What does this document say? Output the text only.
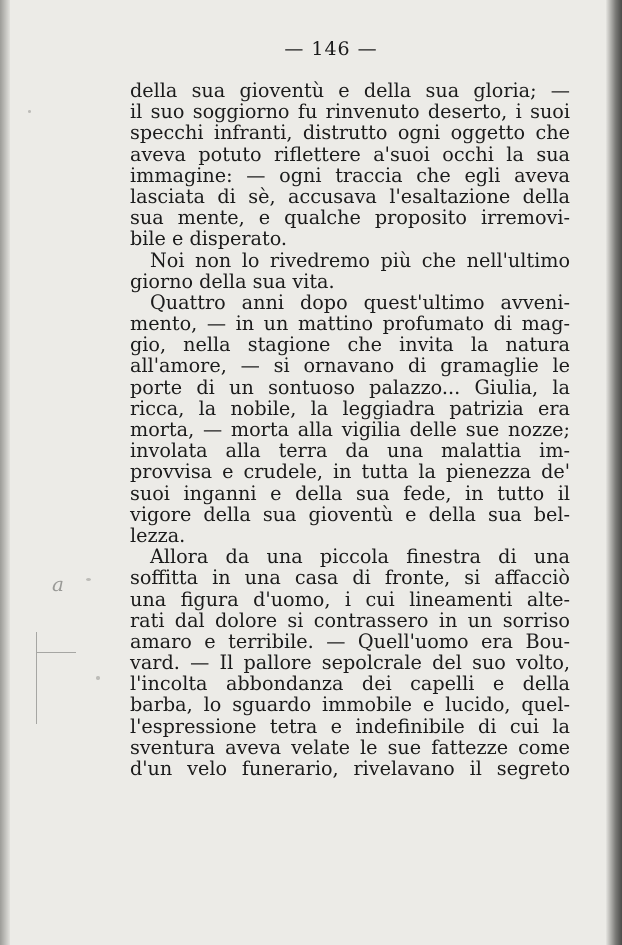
— 146 —
a
della sua gioventù e della sua gloria; —
il suo soggiorno fu rinvenuto deserto, i suoi
specchi infranti, distrutto ogni oggetto che
aveva potuto riflettere a'suoi occhi la sua
immagine: — ogni traccia che egli aveva
lasciata di sè, accusava l'esaltazione della
sua mente, e qualche proposito irremovi-
bile e disperato.
Noi non lo rivedremo più che nell'ultimo
giorno della sua vita.
Quattro anni dopo quest'ultimo avveni-
mento, — in un mattino profumato di mag-
gio, nella stagione che invita la natura
all'amore, — si ornavano di gramaglie le
porte di un sontuoso palazzo... Giulia, la
ricca, la nobile, la leggiadra patrizia era
morta, — morta alla vigilia delle sue nozze;
involata alla terra da una malattia im-
provvisa e crudele, in tutta la pienezza de'
suoi inganni e della sua fede, in tutto il
vigore della sua gioventù e della sua bel-
lezza.
Allora da una piccola finestra di una
soffitta in una casa di fronte, si affacciò
una figura d'uomo, i cui lineamenti alte-
rati dal dolore si contrassero in un sorriso
amaro e terribile. — Quell'uomo era Bou-
vard. — Il pallore sepolcrale del suo volto,
l'incolta abbondanza dei capelli e della
barba, lo sguardo immobile e lucido, quel-
l'espressione tetra e indefinibile di cui la
sventura aveva velate le sue fattezze come
d'un velo funerario, rivelavano il segreto
